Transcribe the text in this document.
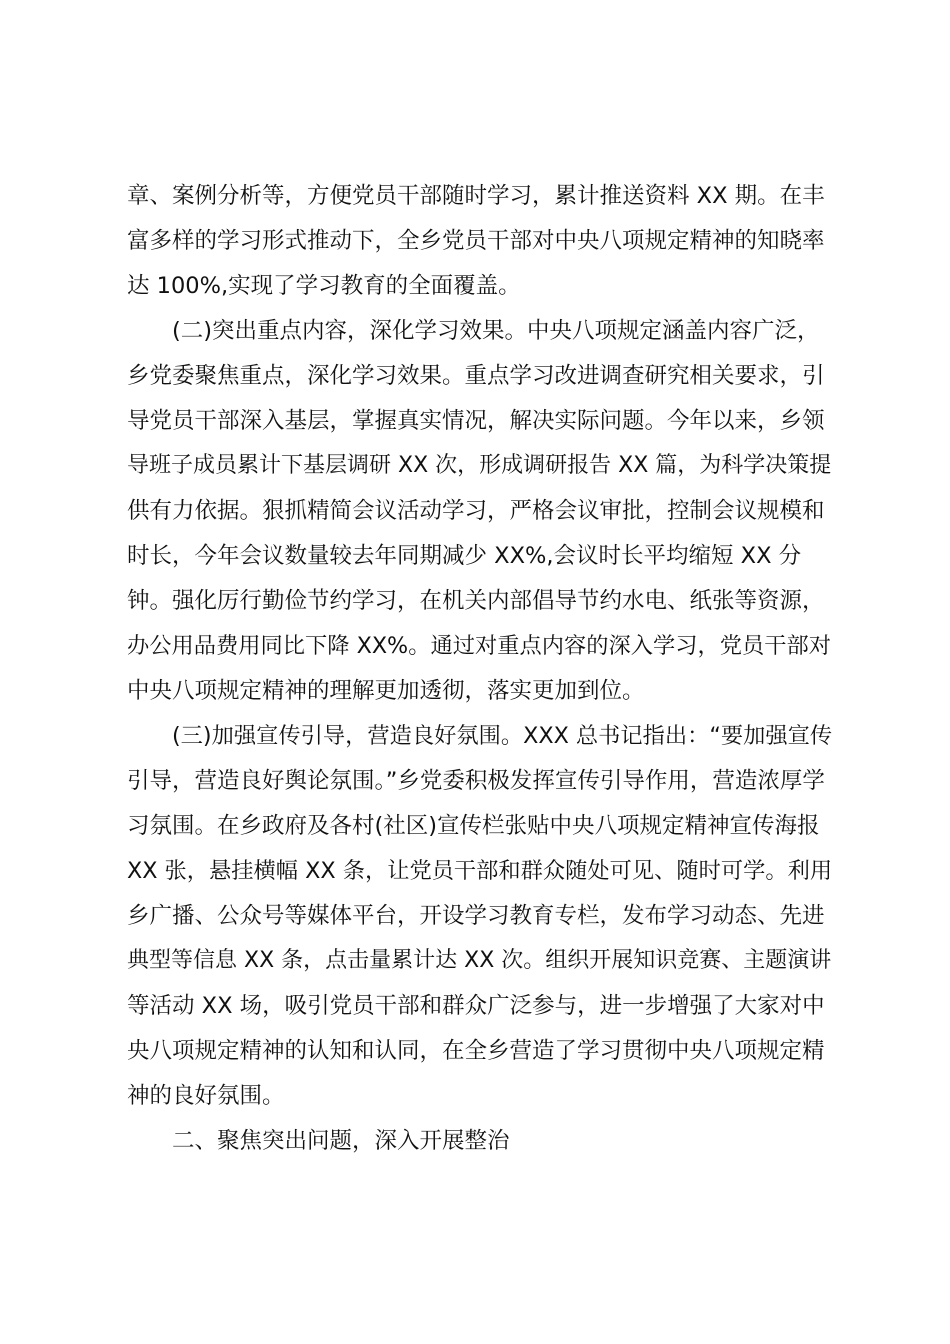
章、案例分析等，方便党员干部随时学习，累计推送资料 XX 期。在丰
富多样的学习形式推动下，全乡党员干部对中央八项规定精神的知晓率
达 100%,实现了学习教育的全面覆盖。
(二)突出重点内容，深化学习效果。中央八项规定涵盖内容广泛，
乡党委聚焦重点，深化学习效果。重点学习改进调查研究相关要求，引
导党员干部深入基层，掌握真实情况，解决实际问题。今年以来，乡领
导班子成员累计下基层调研 XX 次，形成调研报告 XX 篇，为科学决策提
供有力依据。狠抓精简会议活动学习，严格会议审批，控制会议规模和
时长，今年会议数量较去年同期减少 XX%,会议时长平均缩短 XX 分
钟。强化厉行勤俭节约学习，在机关内部倡导节约水电、纸张等资源，
办公用品费用同比下降 XX%。通过对重点内容的深入学习，党员干部对
中央八项规定精神的理解更加透彻，落实更加到位。
(三)加强宣传引导，营造良好氛围。XXX 总书记指出：“要加强宣传
引导，营造良好舆论氛围。”乡党委积极发挥宣传引导作用，营造浓厚学
习氛围。在乡政府及各村(社区)宣传栏张贴中央八项规定精神宣传海报
XX 张，悬挂横幅 XX 条，让党员干部和群众随处可见、随时可学。利用
乡广播、公众号等媒体平台，开设学习教育专栏，发布学习动态、先进
典型等信息 XX 条，点击量累计达 XX 次。组织开展知识竞赛、主题演讲
等活动 XX 场，吸引党员干部和群众广泛参与，进一步增强了大家对中
央八项规定精神的认知和认同，在全乡营造了学习贯彻中央八项规定精
神的良好氛围。
二、聚焦突出问题，深入开展整治
